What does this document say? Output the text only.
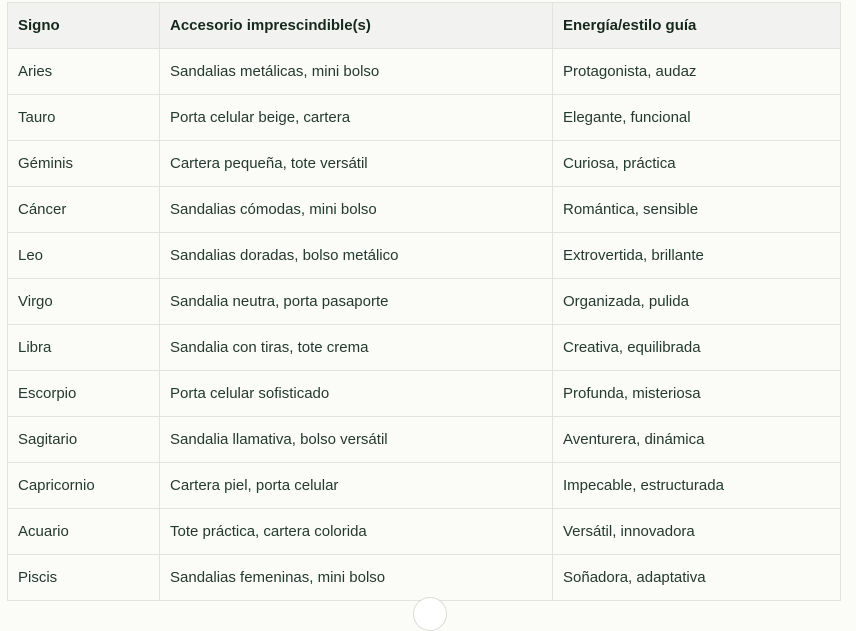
Signo	Accesorio imprescindible(s)	Energía/estilo guía
Aries	Sandalias metálicas, mini bolso	Protagonista, audaz
Tauro	Porta celular beige, cartera	Elegante, funcional
Géminis	Cartera pequeña, tote versátil	Curiosa, práctica
Cáncer	Sandalias cómodas, mini bolso	Romántica, sensible
Leo	Sandalias doradas, bolso metálico	Extrovertida, brillante
Virgo	Sandalia neutra, porta pasaporte	Organizada, pulida
Libra	Sandalia con tiras, tote crema	Creativa, equilibrada
Escorpio	Porta celular sofisticado	Profunda, misteriosa
Sagitario	Sandalia llamativa, bolso versátil	Aventurera, dinámica
Capricornio	Cartera piel, porta celular	Impecable, estructurada
Acuario	Tote práctica, cartera colorida	Versátil, innovadora
Piscis	Sandalias femeninas, mini bolso	Soñadora, adaptativa
